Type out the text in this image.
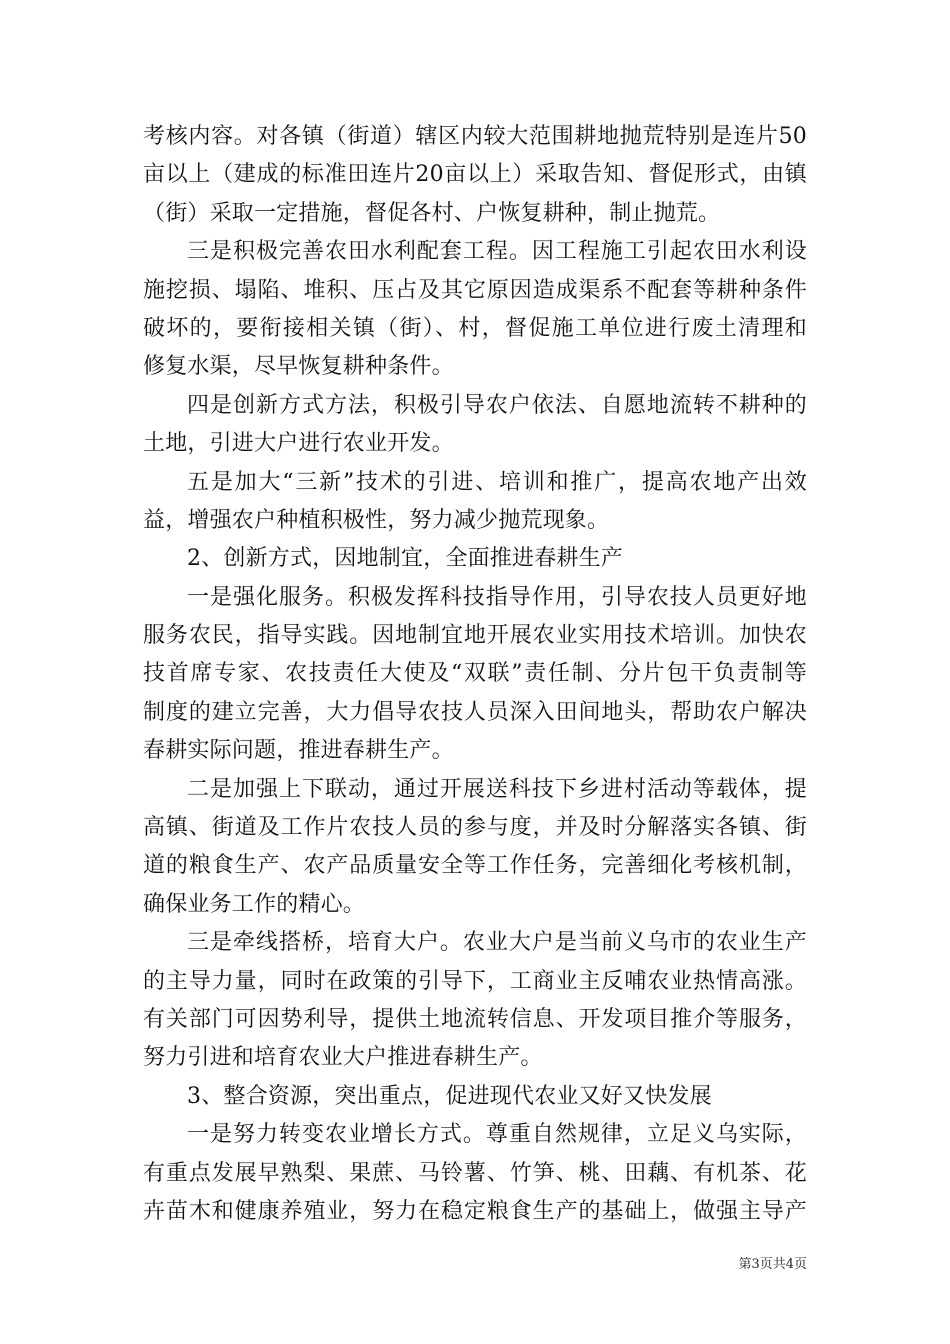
考核内容。对各镇（街道）辖区内较大范围耕地抛荒特别是连片50
亩以上（建成的标准田连片20亩以上）采取告知、督促形式，由镇
（街）采取一定措施，督促各村、户恢复耕种，制止抛荒。
三是积极完善农田水利配套工程。因工程施工引起农田水利设
施挖损、塌陷、堆积、压占及其它原因造成渠系不配套等耕种条件
破坏的，要衔接相关镇（街）、村，督促施工单位进行废土清理和
修复水渠，尽早恢复耕种条件。
四是创新方式方法，积极引导农户依法、自愿地流转不耕种的
土地，引进大户进行农业开发。
五是加大“三新”技术的引进、培训和推广，提高农地产出效
益，增强农户种植积极性，努力减少抛荒现象。
2、创新方式，因地制宜，全面推进春耕生产
一是强化服务。积极发挥科技指导作用，引导农技人员更好地
服务农民，指导实践。因地制宜地开展农业实用技术培训。加快农
技首席专家、农技责任大使及“双联”责任制、分片包干负责制等
制度的建立完善，大力倡导农技人员深入田间地头，帮助农户解决
春耕实际问题，推进春耕生产。
二是加强上下联动，通过开展送科技下乡进村活动等载体，提
高镇、街道及工作片农技人员的参与度，并及时分解落实各镇、街
道的粮食生产、农产品质量安全等工作任务，完善细化考核机制，
确保业务工作的精心。
三是牵线搭桥，培育大户。农业大户是当前义乌市的农业生产
的主导力量，同时在政策的引导下，工商业主反哺农业热情高涨。
有关部门可因势利导，提供土地流转信息、开发项目推介等服务，
努力引进和培育农业大户推进春耕生产。
3、整合资源，突出重点，促进现代农业又好又快发展
一是努力转变农业增长方式。尊重自然规律，立足义乌实际，
有重点发展早熟梨、果蔗、马铃薯、竹笋、桃、田藕、有机茶、花
卉苗木和健康养殖业，努力在稳定粮食生产的基础上，做强主导产
第3页共4页
